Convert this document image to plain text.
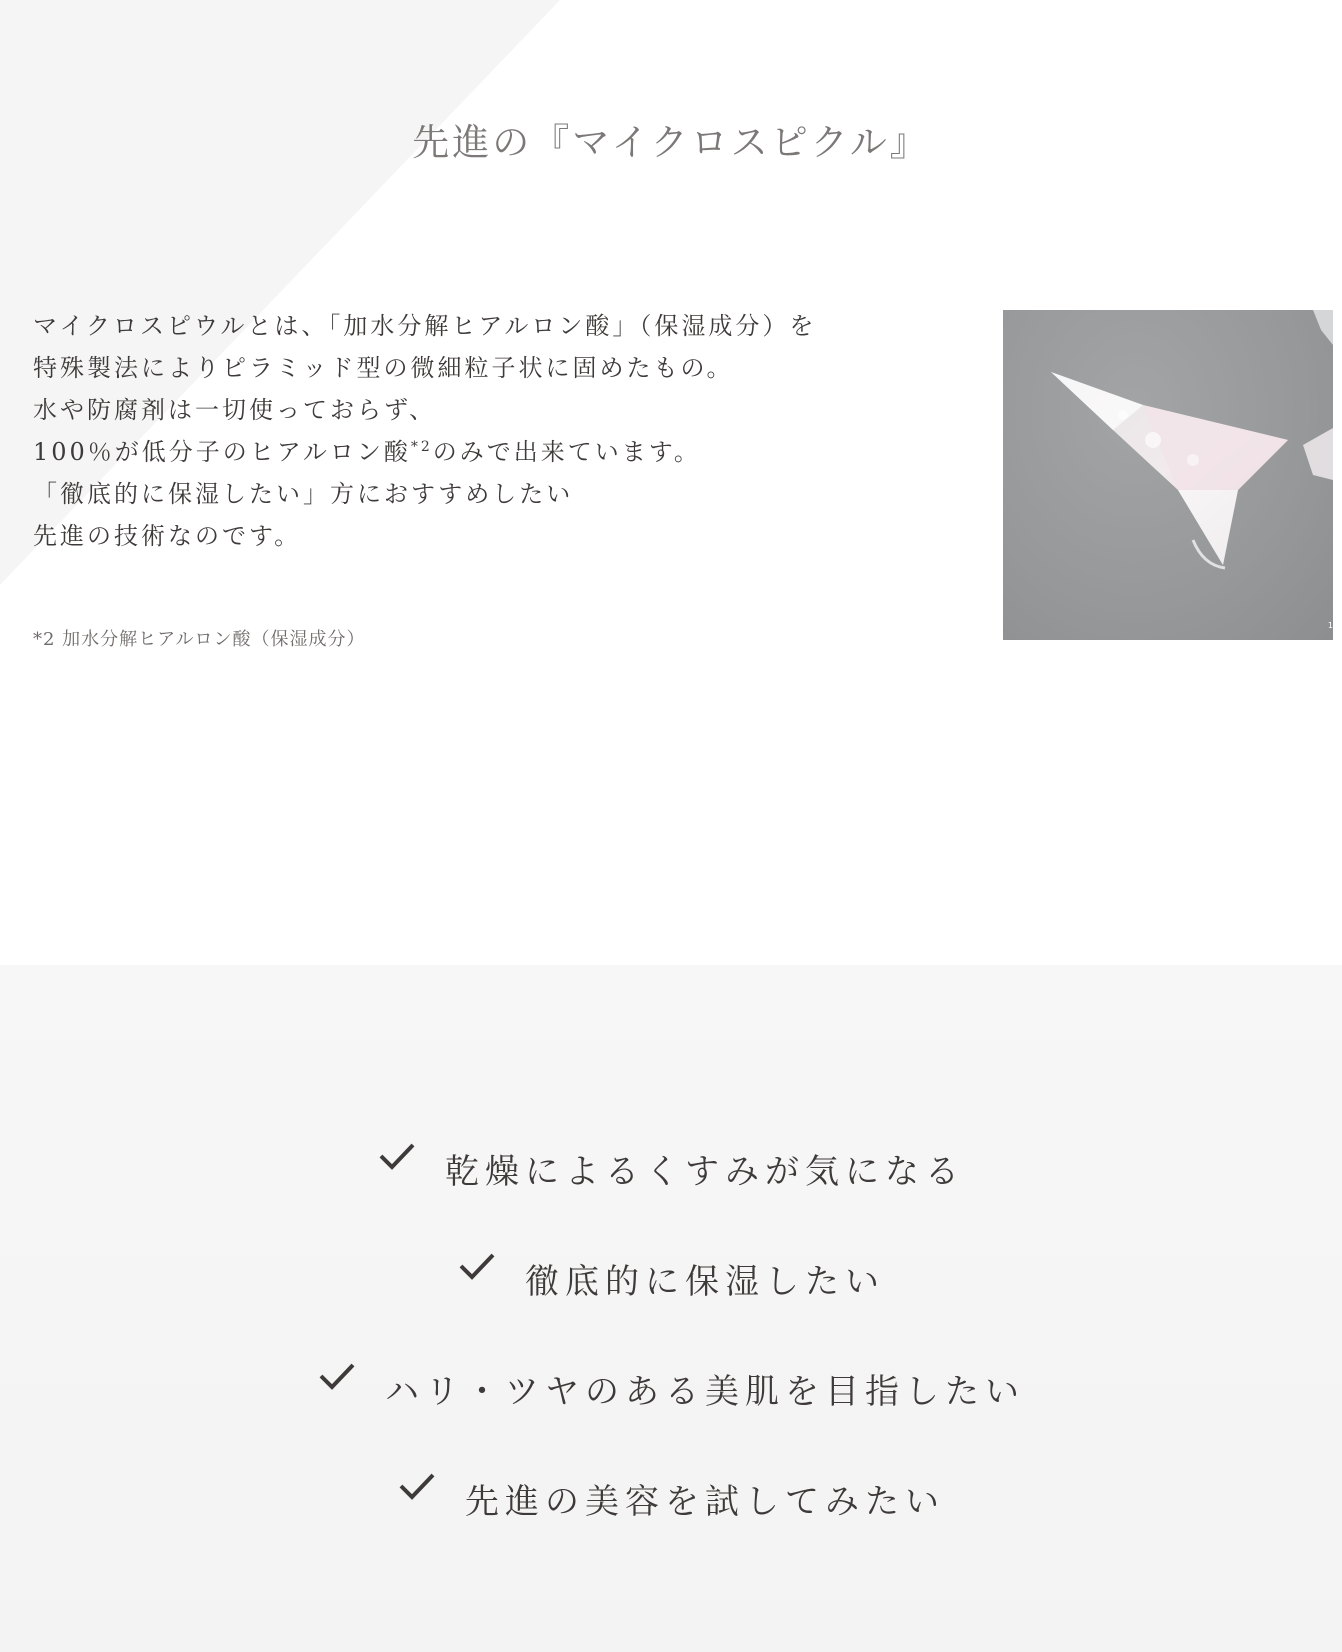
先進の『マイクロスピクル』

マイクロスピウルとは、「加水分解ヒアルロン酸」（保湿成分）を

特殊製法によりピラミッド型の微細粒子状に固めたもの。

水や防腐剤は一切使っておらず、

100％が低分子のヒアルロン酸$^{*2}$のみで出来ています。

「徹底的に保湿したい」方におすすめしたい

先進の技術なのです。

*2 加水分解ヒアルロン酸（保湿成分）
1
乾燥によるくすみが気になる
徹底的に保湿したい
ハリ・ツヤのある美肌を目指したい
先進の美容を試してみたい
